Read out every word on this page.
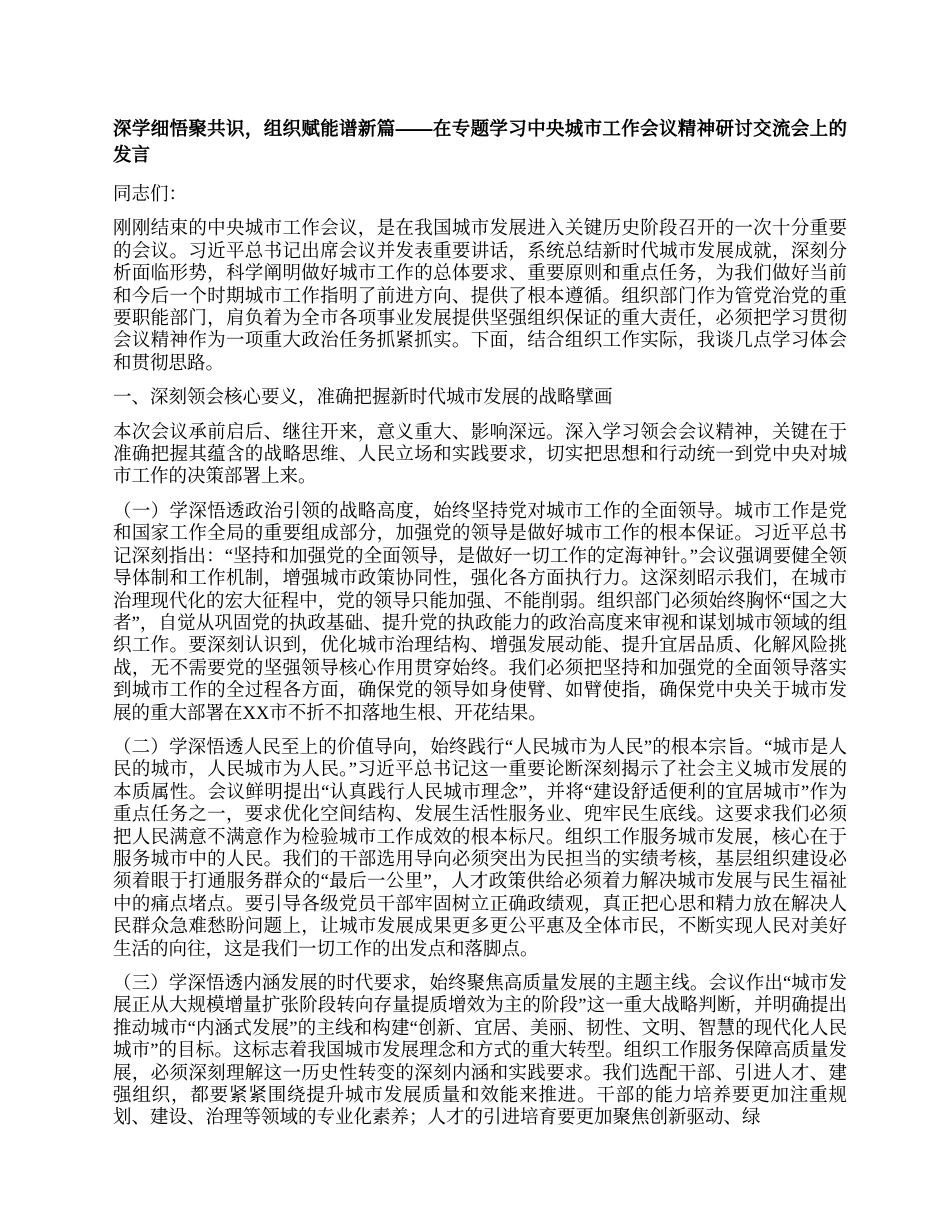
深学细悟聚共识，组织赋能谱新篇——在专题学习中央城市工作会议精神研讨交流会上的发言

同志们：

刚刚结束的中央城市工作会议，是在我国城市发展进入关键历史阶段召开的一次十分重要的会议。习近平总书记出席会议并发表重要讲话，系统总结新时代城市发展成就，深刻分析面临形势，科学阐明做好城市工作的总体要求、重要原则和重点任务，为我们做好当前和今后一个时期城市工作指明了前进方向、提供了根本遵循。组织部门作为管党治党的重要职能部门，肩负着为全市各项事业发展提供坚强组织保证的重大责任，必须把学习贯彻会议精神作为一项重大政治任务抓紧抓实。下面，结合组织工作实际，我谈几点学习体会和贯彻思路。

一、深刻领会核心要义，准确把握新时代城市发展的战略擘画

本次会议承前启后、继往开来，意义重大、影响深远。深入学习领会会议精神，关键在于准确把握其蕴含的战略思维、人民立场和实践要求，切实把思想和行动统一到党中央对城市工作的决策部署上来。

（一）学深悟透政治引领的战略高度，始终坚持党对城市工作的全面领导。城市工作是党和国家工作全局的重要组成部分，加强党的领导是做好城市工作的根本保证。习近平总书记深刻指出：“坚持和加强党的全面领导，是做好一切工作的定海神针。”会议强调要健全领导体制和工作机制，增强城市政策协同性，强化各方面执行力。这深刻昭示我们，在城市治理现代化的宏大征程中，党的领导只能加强、不能削弱。组织部门必须始终胸怀“国之大者”，自觉从巩固党的执政基础、提升党的执政能力的政治高度来审视和谋划城市领域的组织工作。要深刻认识到，优化城市治理结构、增强发展动能、提升宜居品质、化解风险挑战，无不需要党的坚强领导核心作用贯穿始终。我们必须把坚持和加强党的全面领导落实到城市工作的全过程各方面，确保党的领导如身使臂、如臂使指，确保党中央关于城市发展的重大部署在XX市不折不扣落地生根、开花结果。

（二）学深悟透人民至上的价值导向，始终践行“人民城市为人民”的根本宗旨。“城市是人民的城市，人民城市为人民。”习近平总书记这一重要论断深刻揭示了社会主义城市发展的本质属性。会议鲜明提出“认真践行人民城市理念”，并将“建设舒适便利的宜居城市”作为重点任务之一，要求优化空间结构、发展生活性服务业、兜牢民生底线。这要求我们必须把人民满意不满意作为检验城市工作成效的根本标尺。组织工作服务城市发展，核心在于服务城市中的人民。我们的干部选用导向必须突出为民担当的实绩考核，基层组织建设必须着眼于打通服务群众的“最后一公里”，人才政策供给必须着力解决城市发展与民生福祉中的痛点堵点。要引导各级党员干部牢固树立正确政绩观，真正把心思和精力放在解决人民群众急难愁盼问题上，让城市发展成果更多更公平惠及全体市民，不断实现人民对美好生活的向往，这是我们一切工作的出发点和落脚点。

（三）学深悟透内涵发展的时代要求，始终聚焦高质量发展的主题主线。会议作出“城市发展正从大规模增量扩张阶段转向存量提质增效为主的阶段”这一重大战略判断，并明确提出推动城市“内涵式发展”的主线和构建“创新、宜居、美丽、韧性、文明、智慧的现代化人民城市”的目标。这标志着我国城市发展理念和方式的重大转型。组织工作服务保障高质量发展，必须深刻理解这一历史性转变的深刻内涵和实践要求。我们选配干部、引进人才、建强组织，都要紧紧围绕提升城市发展质量和效能来推进。干部的能力培养要更加注重规划、建设、治理等领域的专业化素养；人才的引进培育要更加聚焦创新驱动、绿
